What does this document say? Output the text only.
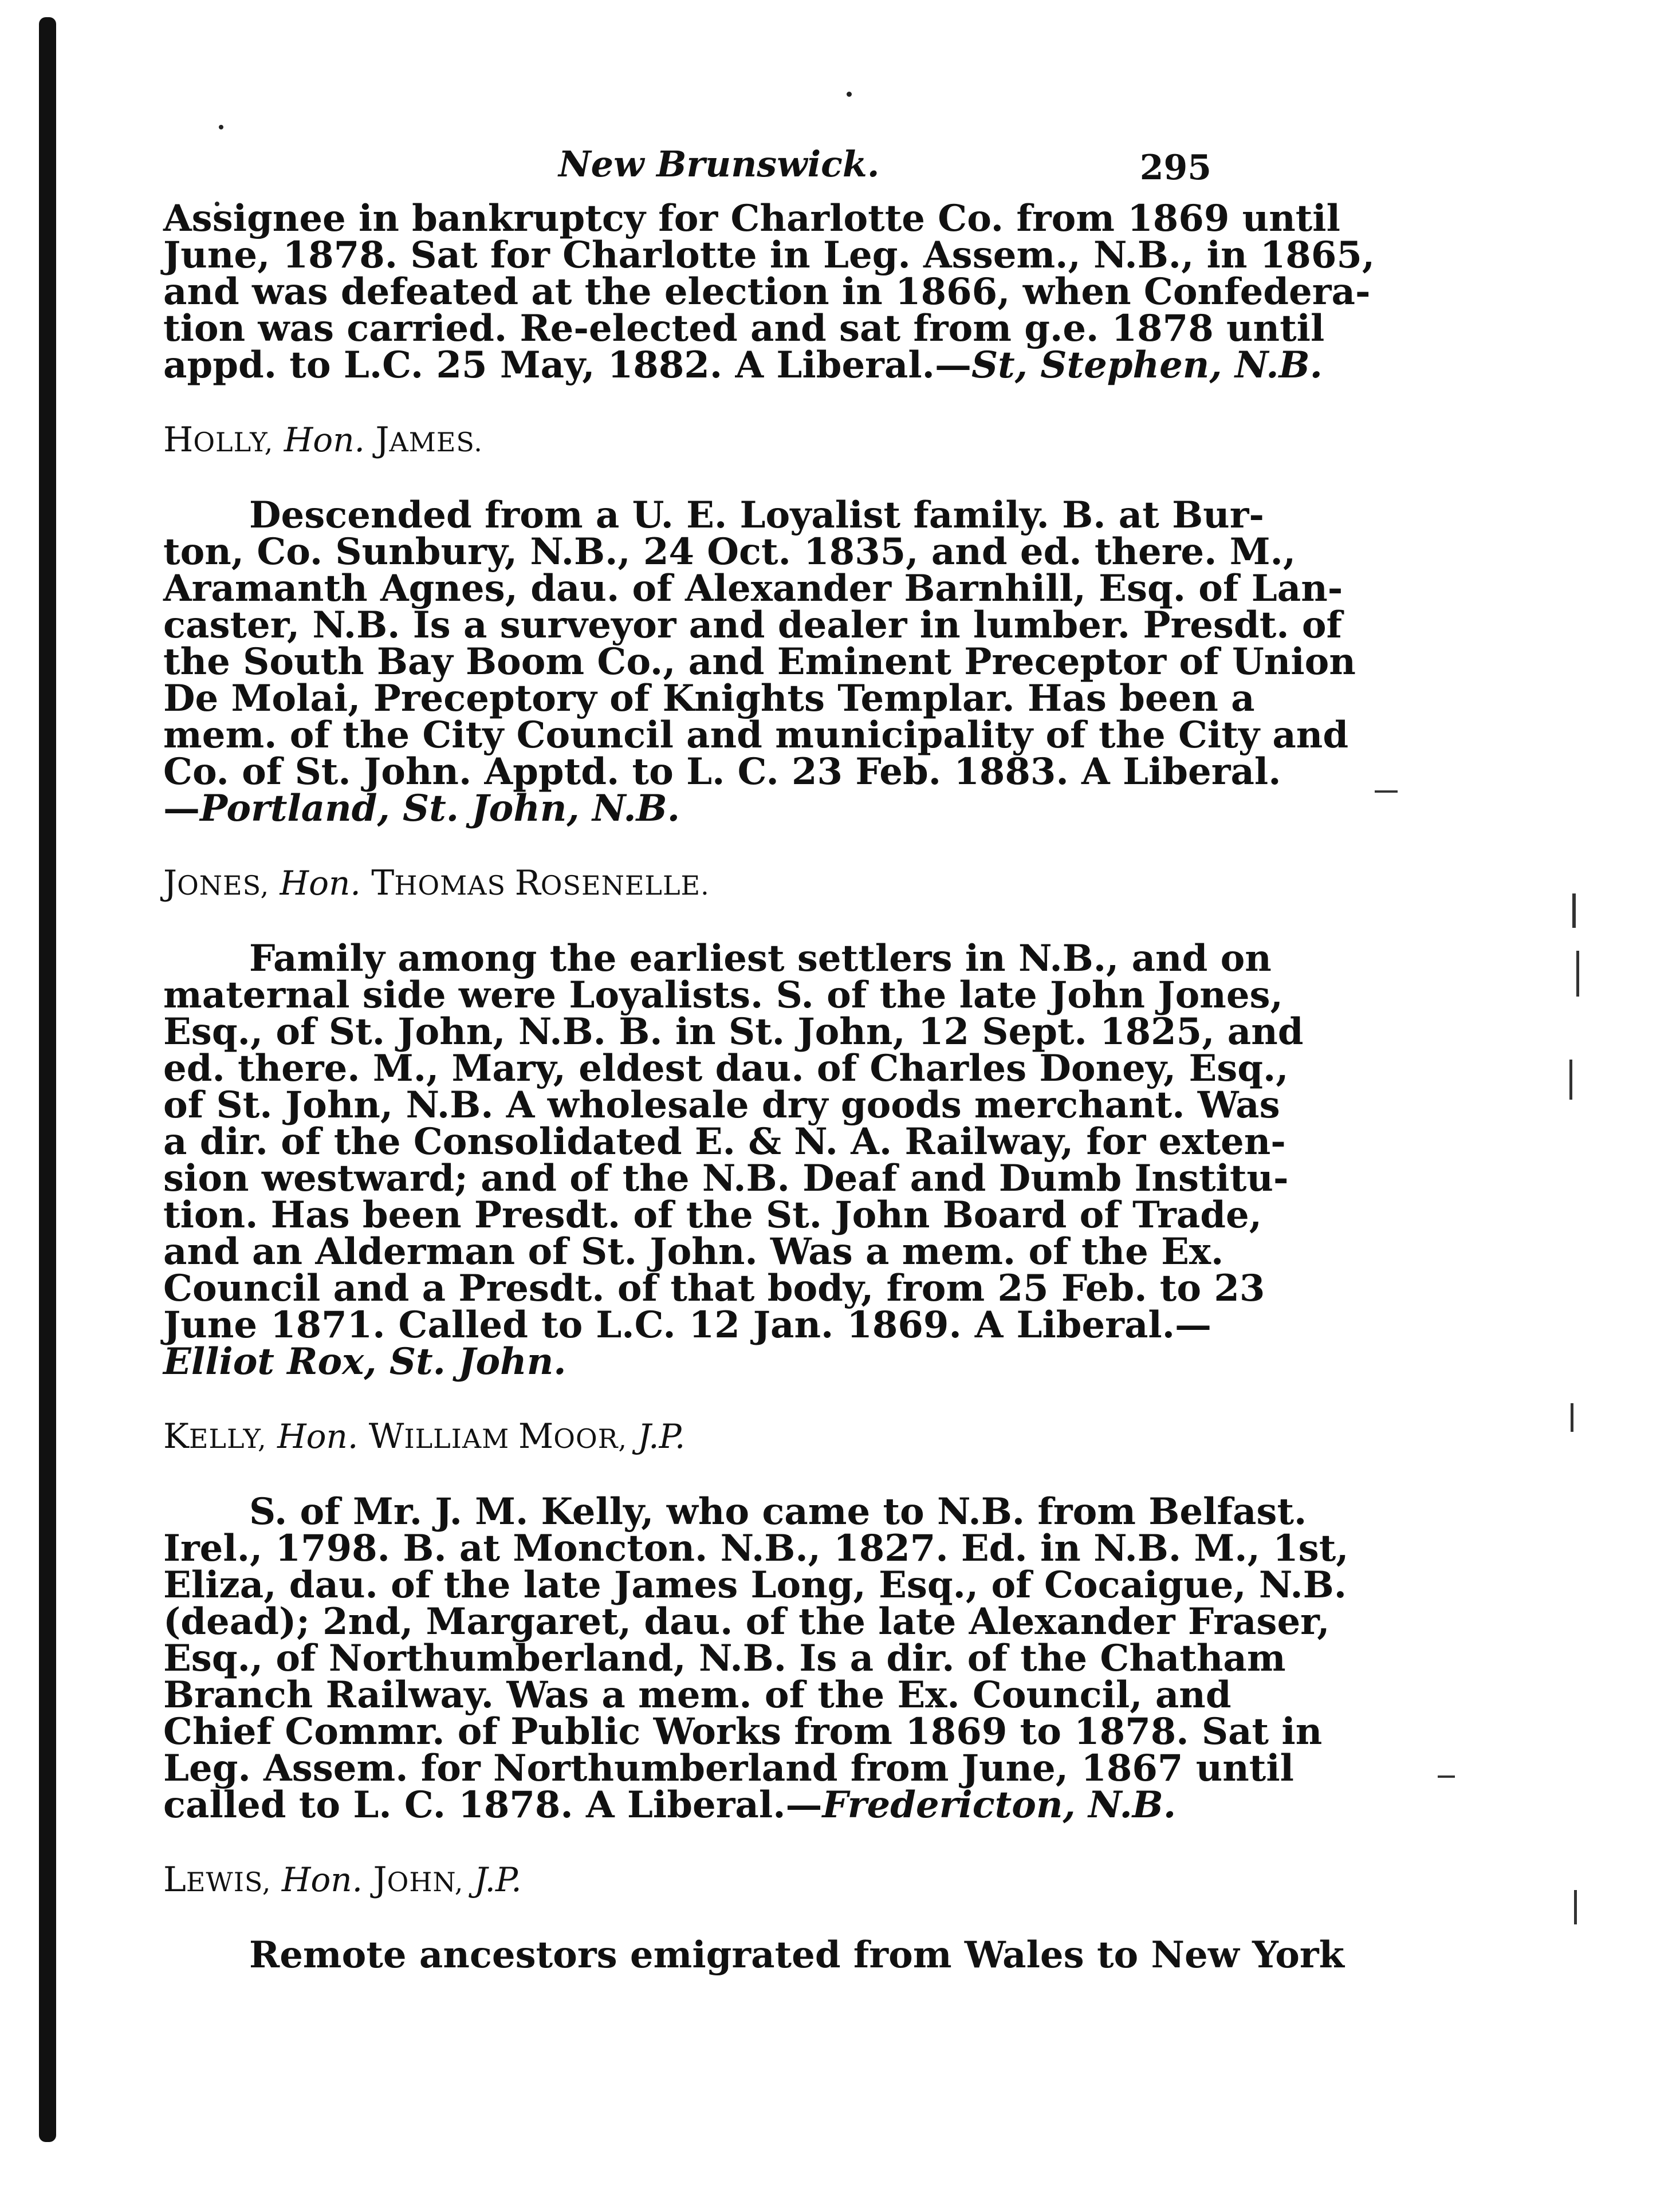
New Brunswick.	295
Assignee in bankruptcy for Charlotte Co. from 1869 until
June, 1878. Sat for Charlotte in Leg. Assem., N.B., in 1865,
and was defeated at the election in 1866, when Confedera-
tion was carried. Re-elected and sat from g.e. 1878 until
appd. to L.C. 25 May, 1882. A Liberal.—St, Stephen, N.B.
HOLLY, Hon. JAMES.
Descended from a U. E. Loyalist family. B. at Bur-
ton, Co. Sunbury, N.B., 24 Oct. 1835, and ed. there. M.,
Aramanth Agnes, dau. of Alexander Barnhill, Esq. of Lan-
caster, N.B. Is a surveyor and dealer in lumber. Presdt. of
the South Bay Boom Co., and Eminent Preceptor of Union
De Molai, Preceptory of Knights Templar. Has been a
mem. of the City Council and municipality of the City and
Co. of St. John. Apptd. to L. C. 23 Feb. 1883. A Liberal.
—Portland, St. John, N.B.
JONES, Hon. THOMAS ROSENELLE.
Family among the earliest settlers in N.B., and on
maternal side were Loyalists. S. of the late John Jones,
Esq., of St. John, N.B. B. in St. John, 12 Sept. 1825, and
ed. there. M., Mary, eldest dau. of Charles Doney, Esq.,
of St. John, N.B. A wholesale dry goods merchant. Was
a dir. of the Consolidated E. & N. A. Railway, for exten-
sion westward; and of the N.B. Deaf and Dumb Institu-
tion. Has been Presdt. of the St. John Board of Trade,
and an Alderman of St. John. Was a mem. of the Ex.
Council and a Presdt. of that body, from 25 Feb. to 23
June 1871. Called to L.C. 12 Jan. 1869. A Liberal.—
Elliot Rox, St. John.
KELLY, Hon. WILLIAM MOOR, J.P.
S. of Mr. J. M. Kelly, who came to N.B. from Belfast.
Irel., 1798. B. at Moncton. N.B., 1827. Ed. in N.B. M., 1st,
Eliza, dau. of the late James Long, Esq., of Cocaigue, N.B.
(dead); 2nd, Margaret, dau. of the late Alexander Fraser,
Esq., of Northumberland, N.B. Is a dir. of the Chatham
Branch Railway. Was a mem. of the Ex. Council, and
Chief Commr. of Public Works from 1869 to 1878. Sat in
Leg. Assem. for Northumberland from June, 1867 until
called to L. C. 1878. A Liberal.—Fredericton, N.B.
LEWIS, Hon. JOHN, J.P.
Remote ancestors emigrated from Wales to New York
